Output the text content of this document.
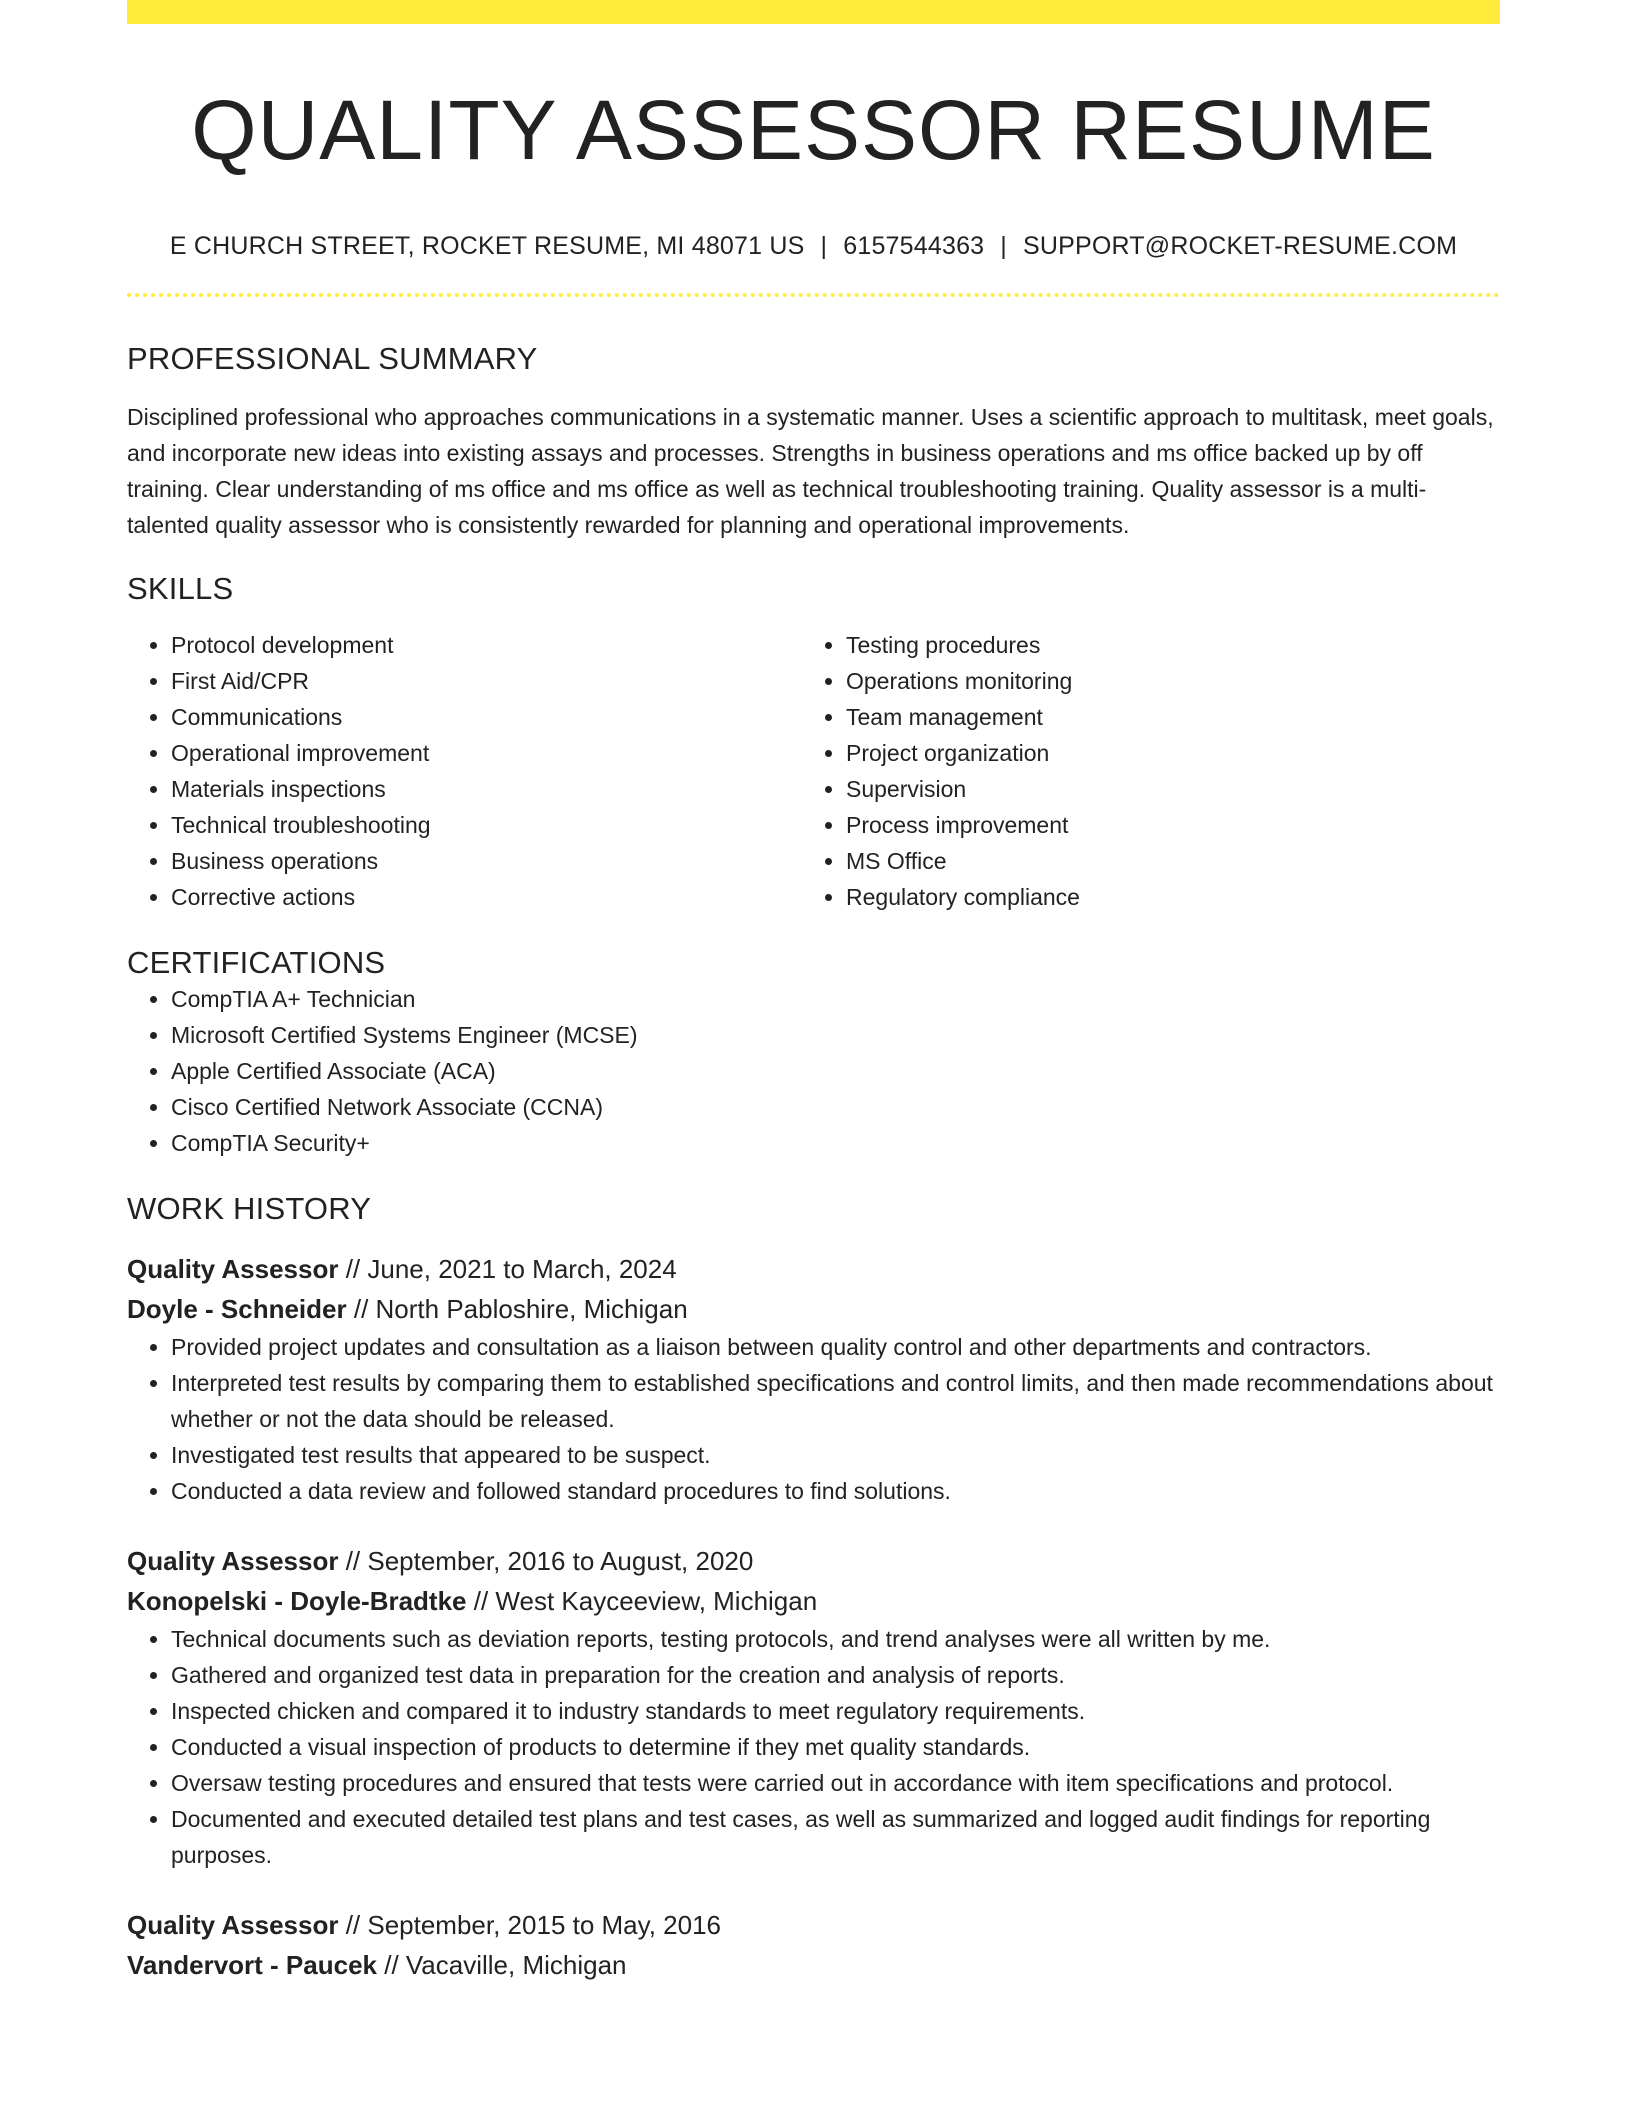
QUALITY ASSESSOR RESUME
E CHURCH STREET, ROCKET RESUME, MI 48071 US | 6157544363 | SUPPORT@ROCKET-RESUME.COM
PROFESSIONAL SUMMARY

Disciplined professional who approaches communications in a systematic manner. Uses a scientific approach to multitask, meet goals, and incorporate new ideas into existing assays and processes. Strengths in business operations and ms office backed up by off training. Clear understanding of ms office and ms office as well as technical troubleshooting training. Quality assessor is a multi-talented quality assessor who is consistently rewarded for planning and operational improvements.

SKILLS
• Protocol development
• First Aid/CPR
• Communications
• Operational improvement
• Materials inspections
• Technical troubleshooting
• Business operations
• Corrective actions
• Testing procedures
• Operations monitoring
• Team management
• Project organization
• Supervision
• Process improvement
• MS Office
• Regulatory compliance
CERTIFICATIONS
• CompTIA A+ Technician
• Microsoft Certified Systems Engineer (MCSE)
• Apple Certified Associate (ACA)
• Cisco Certified Network Associate (CCNA)
• CompTIA Security+
WORK HISTORY
Quality Assessor // June, 2021 to March, 2024
Doyle - Schneider // North Pabloshire, Michigan
• Provided project updates and consultation as a liaison between quality control and other departments and contractors.
• Interpreted test results by comparing them to established specifications and control limits, and then made recommendations about whether or not the data should be released.
• Investigated test results that appeared to be suspect.
• Conducted a data review and followed standard procedures to find solutions.
Quality Assessor // September, 2016 to August, 2020
Konopelski - Doyle-Bradtke // West Kayceeview, Michigan
• Technical documents such as deviation reports, testing protocols, and trend analyses were all written by me.
• Gathered and organized test data in preparation for the creation and analysis of reports.
• Inspected chicken and compared it to industry standards to meet regulatory requirements.
• Conducted a visual inspection of products to determine if they met quality standards.
• Oversaw testing procedures and ensured that tests were carried out in accordance with item specifications and protocol.
• Documented and executed detailed test plans and test cases, as well as summarized and logged audit findings for reporting purposes.
Quality Assessor // September, 2015 to May, 2016
Vandervort - Paucek // Vacaville, Michigan
